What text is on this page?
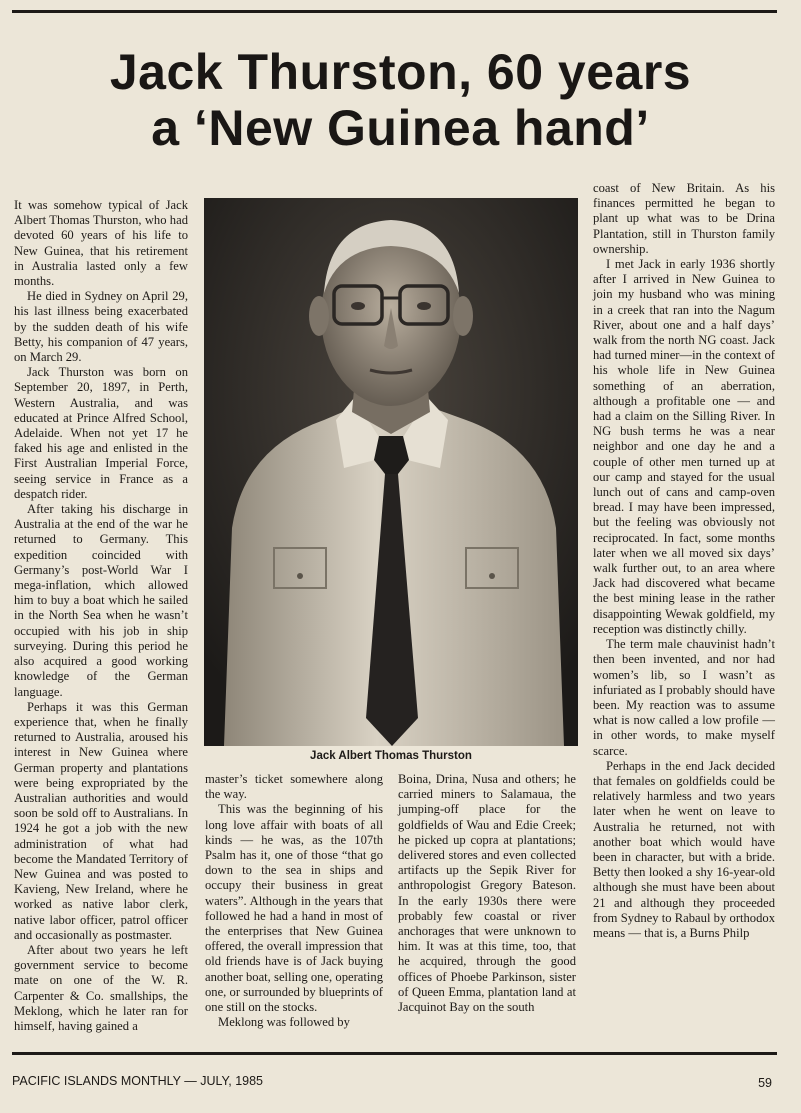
Jack Thurston, 60 years
a ‘New Guinea hand’

It was somehow typical of Jack Albert Thomas Thurston, who had devoted 60 years of his life to New Guinea, that his retirement in Australia lasted only a few months.

He died in Sydney on April 29, his last illness being exacerbated by the sudden death of his wife Betty, his companion of 47 years, on March 29.

Jack Thurston was born on September 20, 1897, in Perth, Western Australia, and was educated at Prince Alfred School, Adelaide. When not yet 17 he faked his age and enlisted in the First Australian Imperial Force, seeing service in France as a despatch rider.

After taking his discharge in Australia at the end of the war he returned to Germany. This expedition coincided with Germany’s post-World War I mega-inflation, which allowed him to buy a boat which he sailed in the North Sea when he wasn’t occupied with his job in ship surveying. During this period he also acquired a good working knowledge of the German language.

Perhaps it was this German experience that, when he finally returned to Australia, aroused his interest in New Guinea where German property and plantations were being expropriated by the Australian authorities and would soon be sold off to Australians. In 1924 he got a job with the new administration of what had become the Mandated Territory of New Guinea and was posted to Kavieng, New Ireland, where he worked as native labor clerk, native labor officer, patrol officer and occasionally as postmaster.

After about two years he left government service to become mate on one of the W. R. Carpenter & Co. smallships, the Meklong, which he later ran for himself, having gained a

Jack Albert Thomas Thurston

master’s ticket somewhere along the way.

This was the beginning of his long love affair with boats of all kinds — he was, as the 107th Psalm has it, one of those “that go down to the sea in ships and occupy their business in great waters”. Although in the years that followed he had a hand in most of the enterprises that New Guinea offered, the overall impression that old friends have is of Jack buying another boat, selling one, operating one, or surrounded by blueprints of one still on the stocks.

Meklong was followed by

Boina, Drina, Nusa and others; he carried miners to Salamaua, the jumping-off place for the goldfields of Wau and Edie Creek; he picked up copra at plantations; delivered stores and even collected artifacts up the Sepik River for anthropologist Gregory Bateson. In the early 1930s there were probably few coastal or river anchorages that were unknown to him. It was at this time, too, that he acquired, through the good offices of Phoebe Parkinson, sister of Queen Emma, plantation land at Jacquinot Bay on the south

coast of New Britain. As his finances permitted he began to plant up what was to be Drina Plantation, still in Thurston family ownership.

I met Jack in early 1936 shortly after I arrived in New Guinea to join my husband who was mining in a creek that ran into the Nagum River, about one and a half days’ walk from the north NG coast. Jack had turned miner—in the context of his whole life in New Guinea something of an aberration, although a profitable one — and had a claim on the Silling River. In NG bush terms he was a near neighbor and one day he and a couple of other men turned up at our camp and stayed for the usual lunch out of cans and camp-oven bread. I may have been impressed, but the feeling was obviously not reciprocated. In fact, some months later when we all moved six days’ walk further out, to an area where Jack had discovered what became the best mining lease in the rather disappointing Wewak goldfield, my reception was distinctly chilly.

The term male chauvinist hadn’t then been invented, and nor had women’s lib, so I wasn’t as infuriated as I probably should have been. My reaction was to assume what is now called a low profile — in other words, to make myself scarce.

Perhaps in the end Jack decided that females on goldfields could be relatively harmless and two years later when he went on leave to Australia he returned, not with another boat which would have been in character, but with a bride. Betty then looked a shy 16-year-old although she must have been about 21 and although they proceeded from Sydney to Rabaul by orthodox means — that is, a Burns Philp

PACIFIC ISLANDS MONTHLY — JULY, 1985	59
